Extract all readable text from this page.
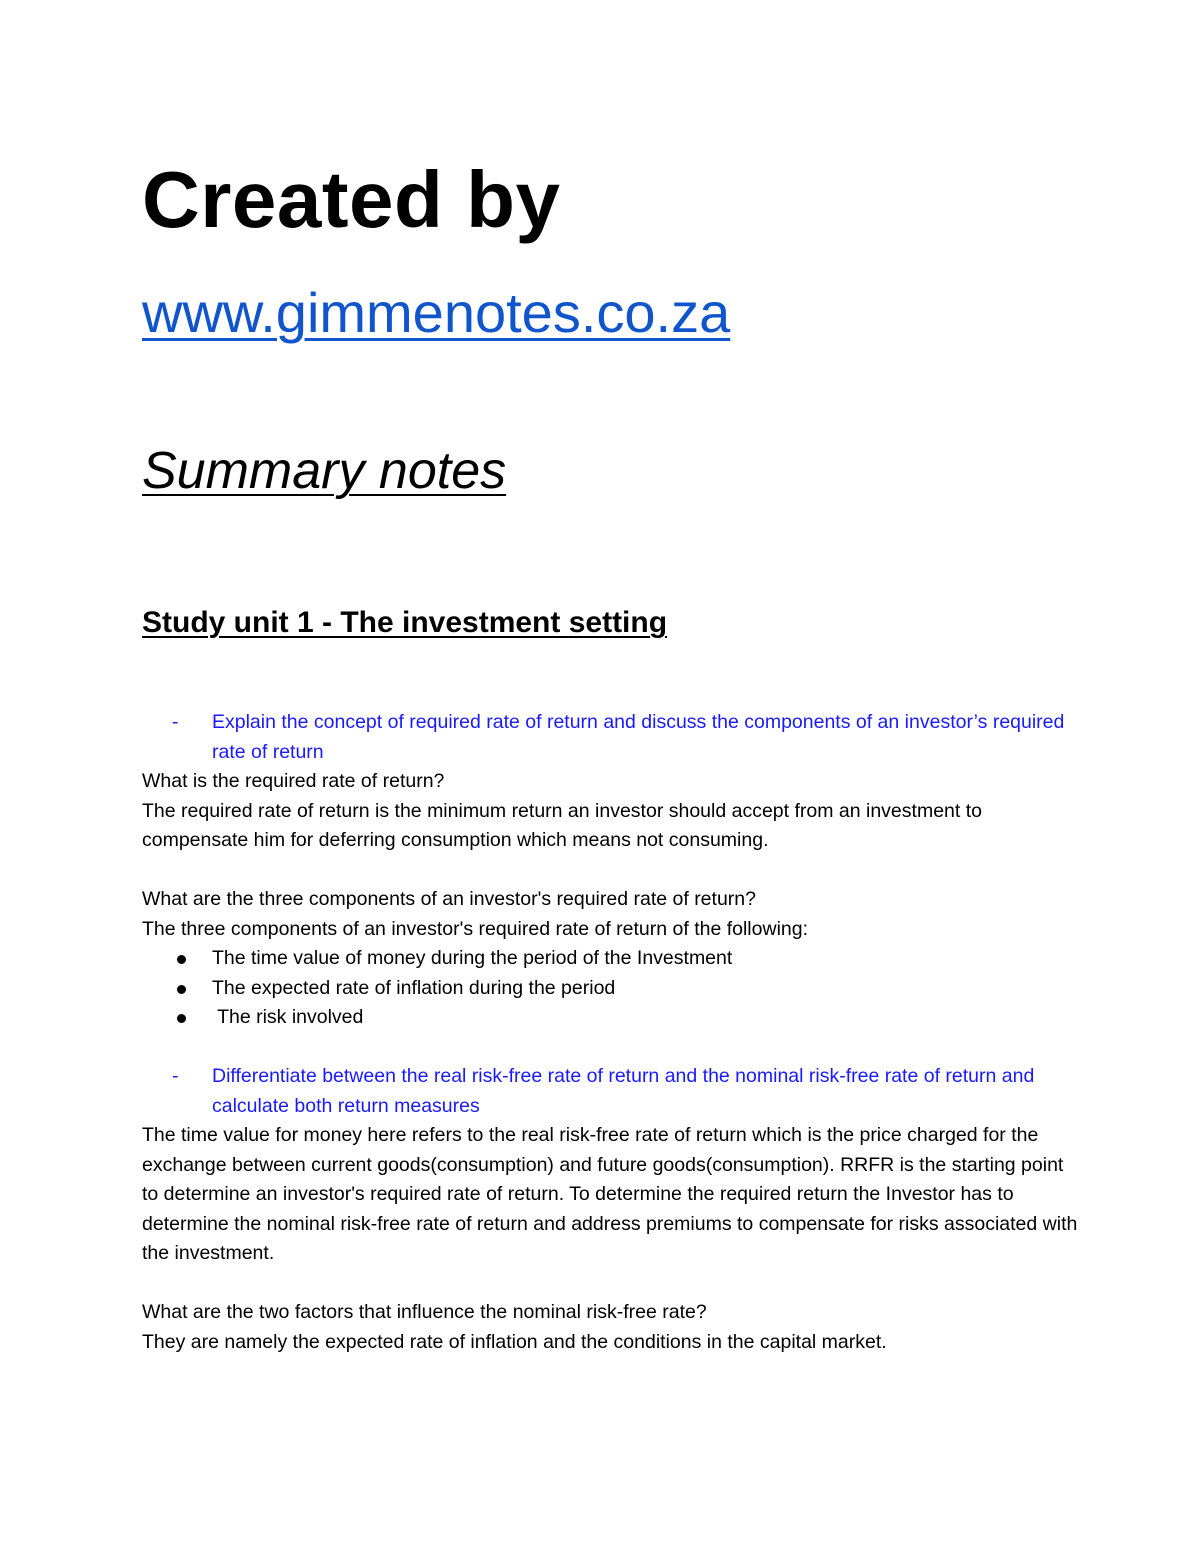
Created by
www.gimmenotes.co.za
Summary notes
Study unit 1 - The investment setting
- Explain the concept of required rate of return and discuss the components of an investor’s required rate of return

What is the required rate of return?

The required rate of return is the minimum return an investor should accept from an investment to compensate him for deferring consumption which means not consuming.

What are the three components of an investor's required rate of return?

The three components of an investor's required rate of return of the following:

The time value of money during the period of the Investment
The expected rate of inflation during the period
The risk involved
- Differentiate between the real risk-free rate of return and the nominal risk-free rate of return and calculate both return measures

The time value for money here refers to the real risk-free rate of return which is the price charged for the exchange between current goods(consumption) and future goods(consumption). RRFR is the starting point to determine an investor's required rate of return. To determine the required return the Investor has to determine the nominal risk-free rate of return and address premiums to compensate for risks associated with the investment.

What are the two factors that influence the nominal risk-free rate?

They are namely the expected rate of inflation and the conditions in the capital market.
